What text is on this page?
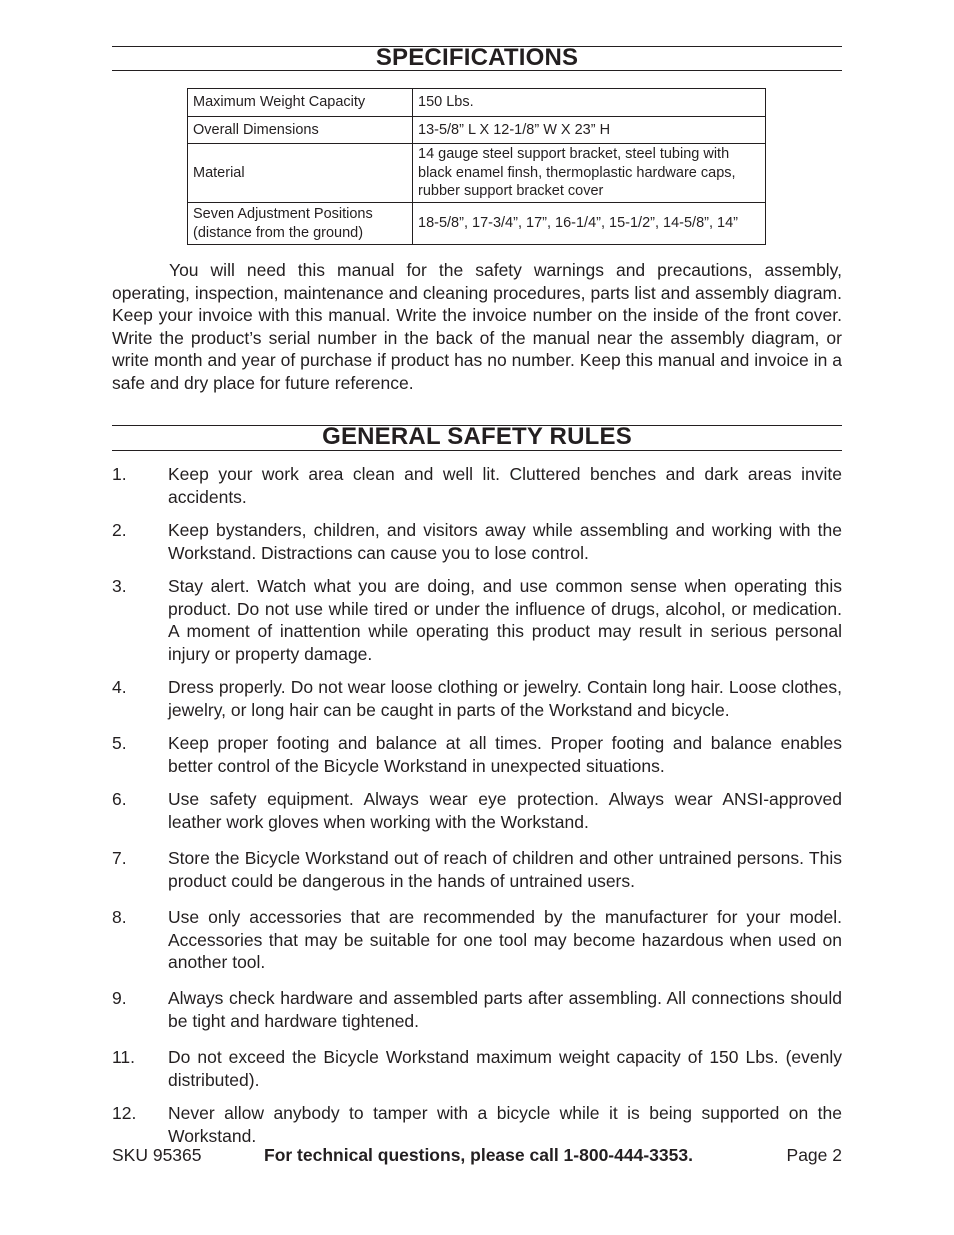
SPECIFICATIONS
Maximum Weight Capacity	150 Lbs.
Overall Dimensions	13-5/8” L X 12-1/8” W X 23” H
Material	14 gauge steel support bracket, steel tubing with black enamel finsh, thermoplastic hardware caps, rubber support bracket cover
Seven Adjustment Positions (distance from the ground)	18-5/8”, 17-3/4”, 17”, 16-1/4”, 15-1/2”, 14-5/8”, 14”

You will need this manual for the safety warnings and precautions, assembly, operating, inspection, maintenance and cleaning procedures, parts list and assembly diagram. Keep your invoice with this manual. Write the invoice number on the inside of the front cover. Write the product’s serial number in the back of the manual near the assembly diagram, or write month and year of purchase if product has no number. Keep this manual and invoice in a safe and dry place for future reference.

GENERAL SAFETY RULES
1.	Keep your work area clean and well lit. Cluttered benches and dark areas invite accidents.
2.	Keep bystanders, children, and visitors away while assembling and working with the Workstand. Distractions can cause you to lose control.
3.	Stay alert. Watch what you are doing, and use common sense when operating this product. Do not use while tired or under the influence of drugs, alcohol, or medication. A moment of inattention while operating this product may result in serious personal injury or property damage.
4.	Dress properly. Do not wear loose clothing or jewelry. Contain long hair. Loose clothes, jewelry, or long hair can be caught in parts of the Workstand and bicycle.
5.	Keep proper footing and balance at all times. Proper footing and balance enables better control of the Bicycle Workstand in unexpected situations.
6.	Use safety equipment. Always wear eye protection. Always wear ANSI-approved leather work gloves when working with the Workstand.
7.	Store the Bicycle Workstand out of reach of children and other untrained persons. This product could be dangerous in the hands of untrained users.
8.	Use only accessories that are recommended by the manufacturer for your model. Accessories that may be suitable for one tool may become hazardous when used on another tool.
9.	Always check hardware and assembled parts after assembling. All connections should be tight and hardware tightened.
11.	Do not exceed the Bicycle Workstand maximum weight capacity of 150 Lbs. (evenly distributed).
12.	Never allow anybody to tamper with a bicycle while it is being supported on the Workstand.
SKU 95365	For technical questions, please call 1-800-444-3353.	Page 2
